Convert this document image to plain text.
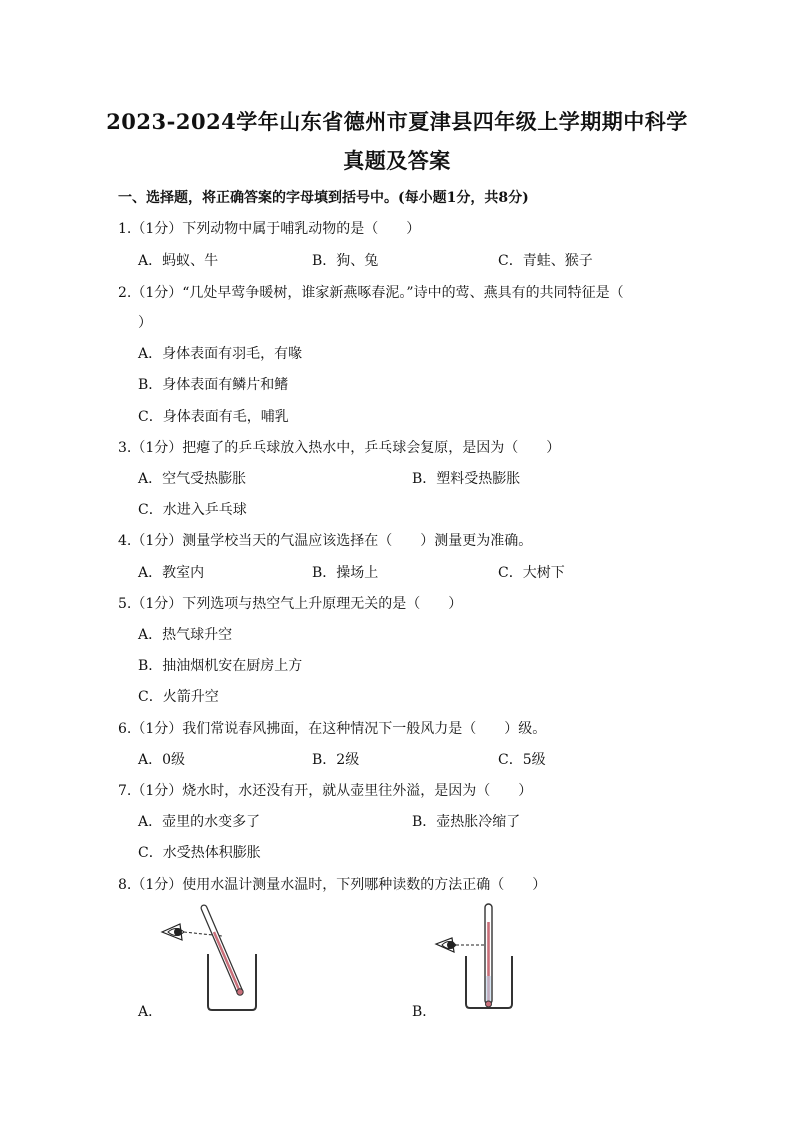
2023-2024学年山东省德州市夏津县四年级上学期期中科学
真题及答案
一、选择题，将正确答案的字母填到括号中。(每小题1分，共8分)
1.（1分）下列动物中属于哺乳动物的是（　　）
A．蚂蚁、牛	B．狗、兔	C．青蛙、猴子
2.（1分）“几处早莺争暖树，谁家新燕啄春泥。”诗中的莺、燕具有的共同特征是（
）
A．身体表面有羽毛，有喙
B．身体表面有鳞片和鳍
C．身体表面有毛，哺乳
3.（1分）把瘪了的乒乓球放入热水中，乒乓球会复原，是因为（　　）
A．空气受热膨胀	B．塑料受热膨胀
C．水进入乒乓球
4.（1分）测量学校当天的气温应该选择在（　　）测量更为准确。
A．教室内	B．操场上	C．大树下
5.（1分）下列选项与热空气上升原理无关的是（　　）
A．热气球升空
B．抽油烟机安在厨房上方
C．火箭升空
6.（1分）我们常说春风拂面，在这种情况下一般风力是（　　）级。
A．0级	B．2级	C．5级
7.（1分）烧水时，水还没有开，就从壶里往外溢，是因为（　　）
A．壶里的水变多了	B．壶热胀冷缩了
C．水受热体积膨胀
8.（1分）使用水温计测量水温时，下列哪种读数的方法正确（　　）
A．	B．
